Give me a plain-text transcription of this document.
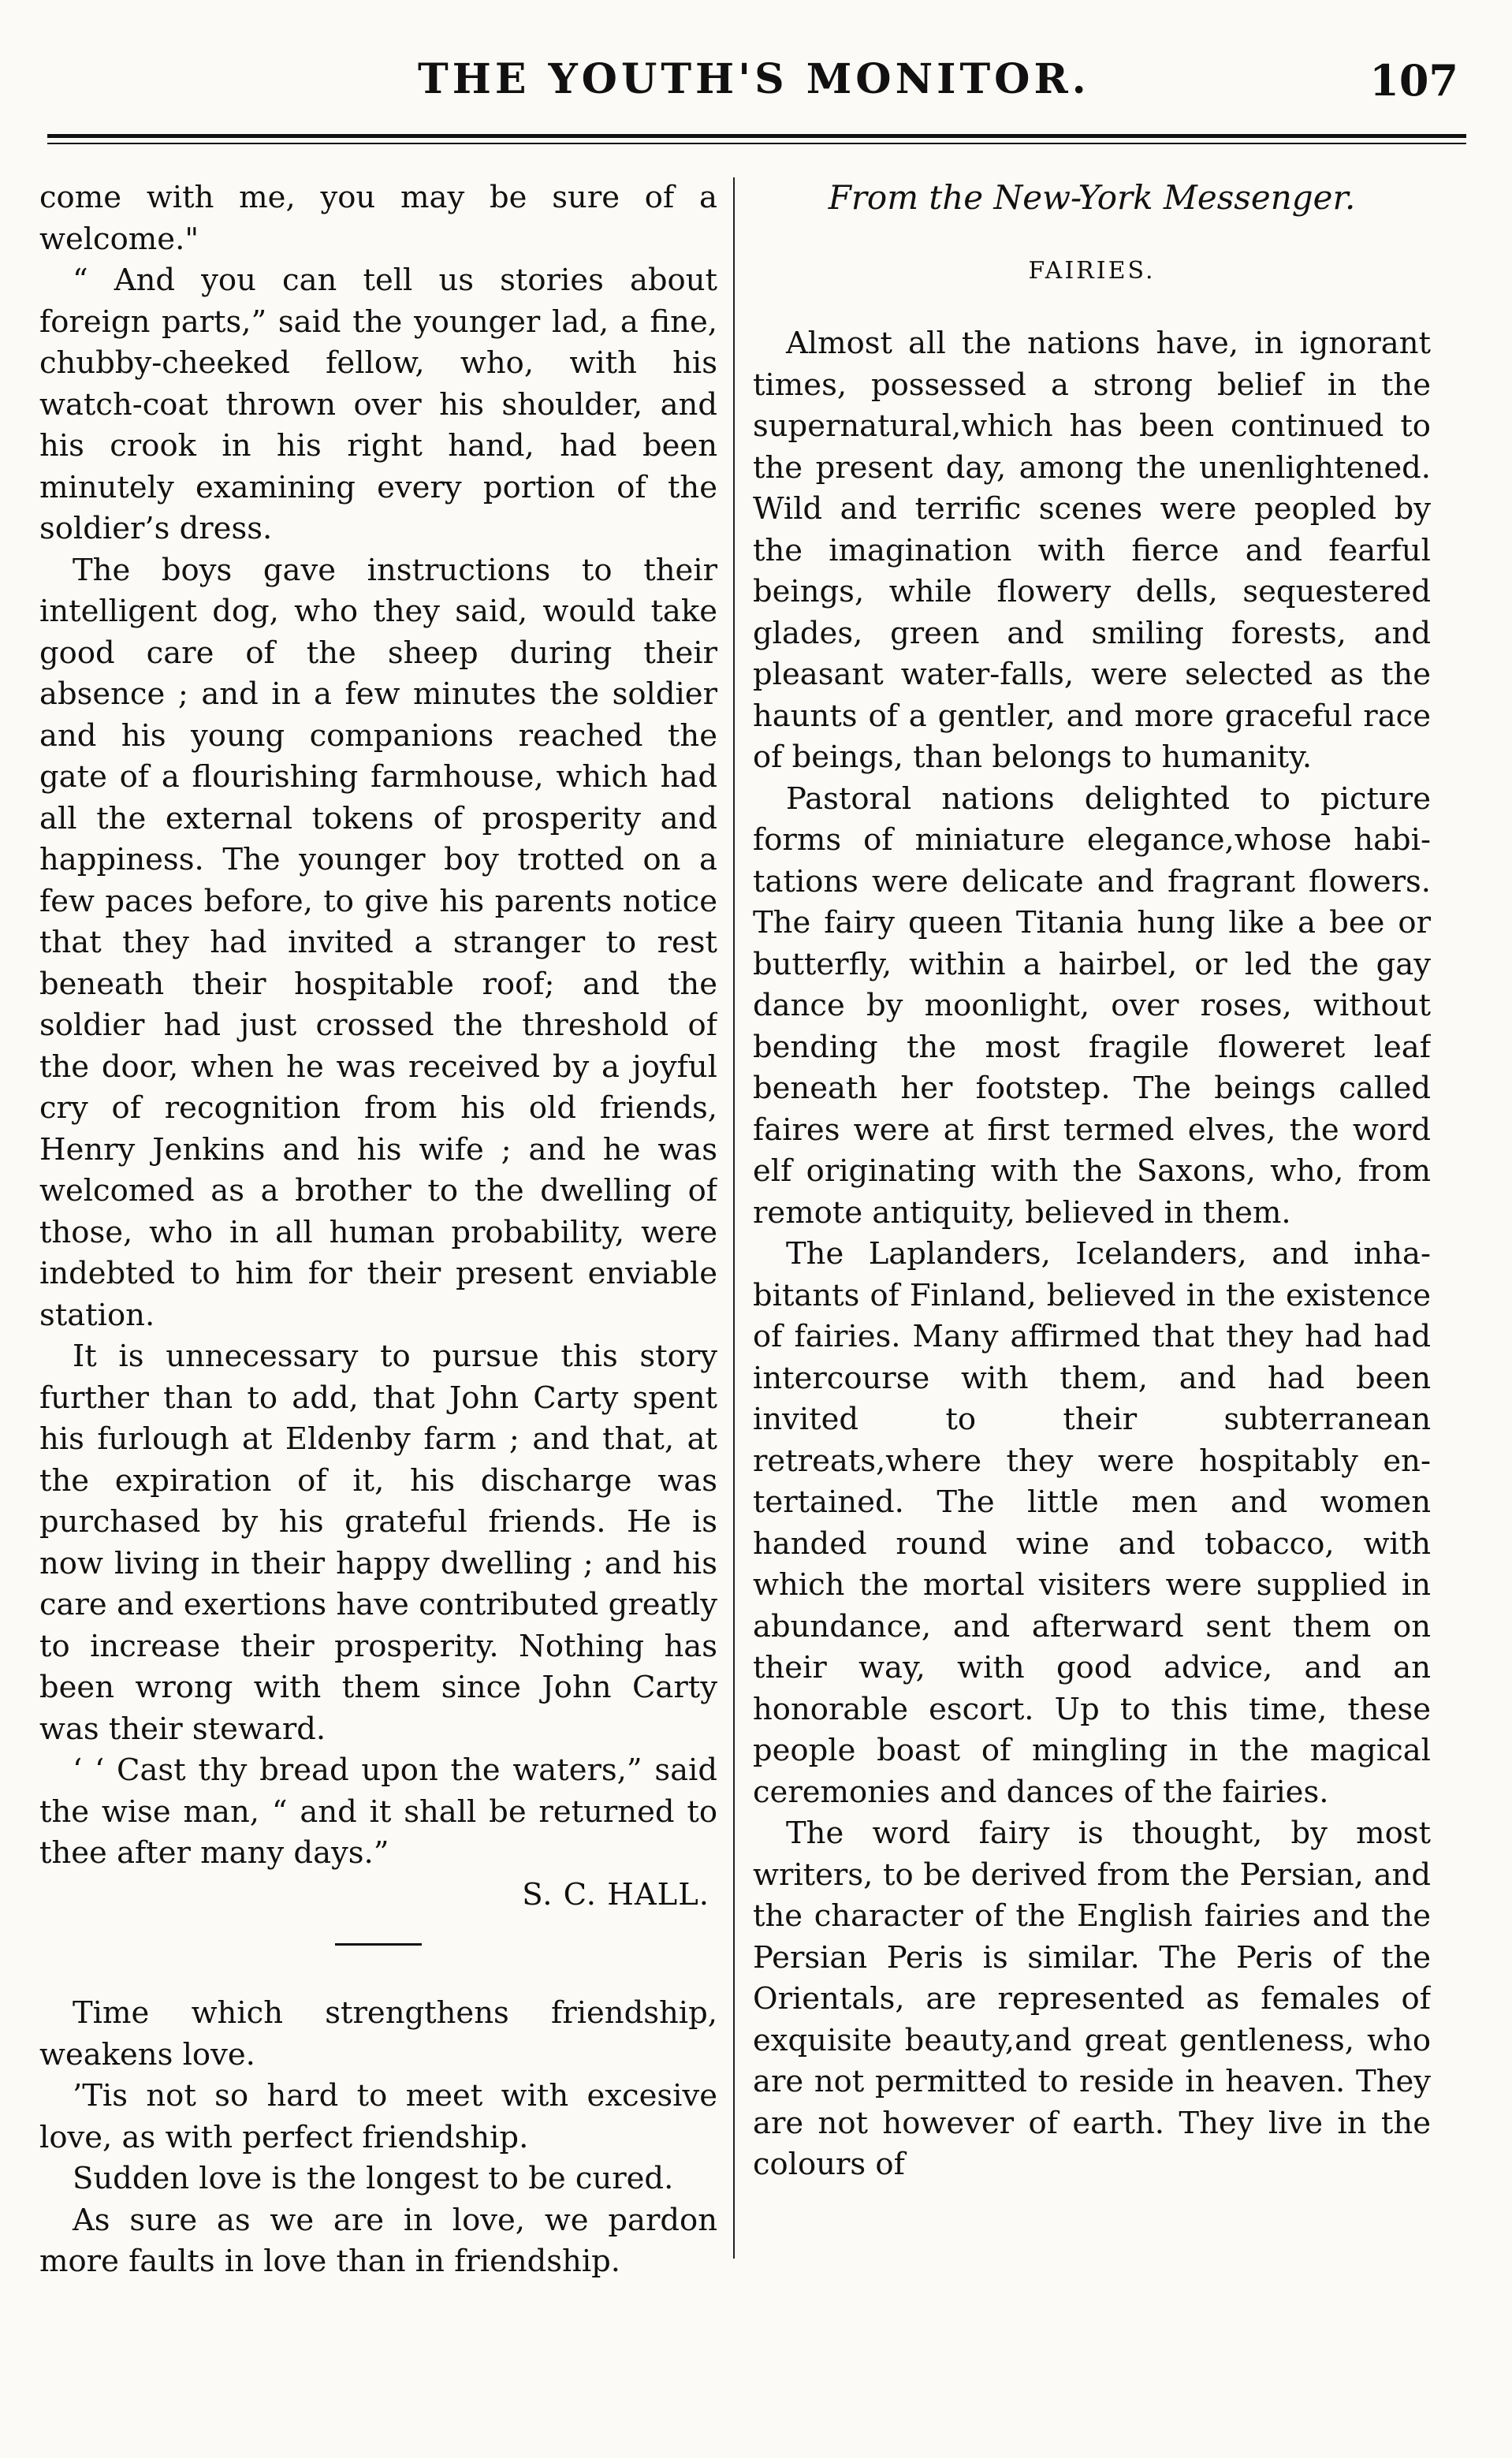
THE YOUTH'S MONITOR.	107

come with me, you may be sure of a welcome."

“ And you can tell us stories about foreign parts,” said the younger lad, a fine, chubby-cheeked fellow, who, with his watch-coat thrown over his shoulder, and his crook in his right hand, had been minutely examining every portion of the soldier’s dress.

The boys gave instructions to their intelligent dog, who they said, would take good care of the sheep during their absence ; and in a few minutes the soldier and his young companions reached the gate of a flourishing farmhouse, which had all the external tokens of prosperity and happiness. The younger boy trotted on a few paces before, to give his parents notice that they had invited a stranger to rest beneath their hospitable roof; and the soldier had just crossed the threshold of the door, when he was received by a joyful cry of recognition from his old friends, Henry Jenkins and his wife ; and he was welcomed as a brother to the dwelling of those, who in all human probability, were indebted to him for their present enviable station.

It is unnecessary to pursue this story further than to add, that John Carty spent his furlough at Eldenby farm ; and that, at the expiration of it, his discharge was purchased by his grateful friends. He is now living in their happy dwelling ; and his care and exertions have contributed greatly to increase their prosperity. Nothing has been wrong with them since John Carty was their steward.

‘ ‘ Cast thy bread upon the waters,” said the wise man, “ and it shall be returned to thee after many days.”

S. C. HALL.

Time which strengthens friendship, weakens love.

’Tis not so hard to meet with excesive love, as with perfect friendship.

Sudden love is the longest to be cured.

As sure as we are in love, we pardon more faults in love than in friendship.

From the New-York Messenger.
FAIRIES.

Almost all the nations have, in ignorant times, possessed a strong belief in the supernatural,which has been continued to the present day, among the unenlightened. Wild and terrific scenes were peopled by the imagination with fierce and fearful beings, while flowery dells, sequestered glades, green and smiling forests, and pleasant water-falls, were selected as the haunts of a gentler, and more graceful race of beings, than belongs to humanity.

Pastoral nations delighted to picture forms of miniature elegance,whose habitations were delicate and fragrant flowers. The fairy queen Titania hung like a bee or butterfly, within a hairbel, or led the gay dance by moonlight, over roses, without bending the most fragile floweret leaf beneath her footstep. The beings called faires were at first termed elves, the word elf originating with the Saxons, who, from remote antiquity, believed in them.

The Laplanders, Icelanders, and inhabitants of Finland, believed in the existence of fairies. Many affirmed that they had had intercourse with them, and had been invited to their subterranean retreats,where they were hospitably entertained. The little men and women handed round wine and tobacco, with which the mortal visiters were supplied in abundance, and afterward sent them on their way, with good advice, and an honorable escort. Up to this time, these people boast of mingling in the magical ceremonies and dances of the fairies.

The word fairy is thought, by most writers, to be derived from the Persian, and the character of the English fairies and the Persian Peris is similar. The Peris of the Orientals, are represented as females of exquisite beauty,and great gentleness, who are not permitted to reside in heaven. They are not however of earth. They live in the colours of
